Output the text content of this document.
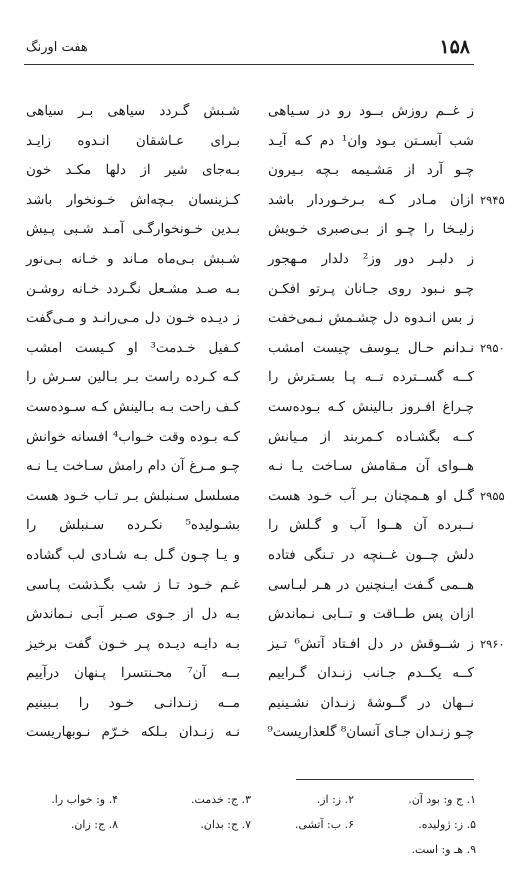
۱۵۸
هفت اورنگ
ز غــم روزش بــود رو در سـیاهی
شـبش گـردد سیاهی بـر سیاهی
شب آبسـتن بـود وان¹ دم کـه آیـد
بـرای عـاشقان انـدوه زایـد
چـو آرد از مَشـیمه بـچه بـیرون
بـه‌جای شیر از دلها مکـد خون
ازان مـادر کـه بـرخـوردار باشد
کـزینسان بـچه‌اش خـونخوار باشد	۲۹۴۵
زلیـخا را چـو از بـی‌صبری خـویش
بـدین خـونخوارگـی آمـد شـبی پـیش
ز دلبـر دور وز² دلدار مـهجور
شـبش بـی‌ماه مـاند و خـانه بـی‌نور
چـو نـبود روی جـانان پـرتو افکـن
بـه صـد مشـعل نگـردد خـانه روشـن
ز بس انـدوه دل چشـمش نـمی‌خفت
ز دیـده خـون دل مـی‌رانـد و مـی‌گفت
نـدانم حـال یـوسف چیست امشب
کـفیل خـدمت³ او کـیست امشب	۲۹۵۰
کــه گســترده تــه پـا بسـترش را
کـه کـرده راست بـر بـالین سـرش را
چـراغ افـروز بـالینش کـه بـوده‌ست
کـف راحت بـه بـالینش کـه سـوده‌ست
کــه بگشـاده کـمربند از مـیانش
کـه بـوده وقت خـواب⁴ افسانه خوانش
هــوای آن مـقامش سـاخت یـا نـه
چـو مـرغ آن دام رامش سـاخت یـا نـه
گـل او هـمچنان بـر آب خـود هست
مسلسل سـنبلش بـر تـاب خـود هست	۲۹۵۵
نــبرده آن هــوا آب و گـلش را
بشـولیده⁵ نکـرده سـنبلش را
دلش چــون غــنچه در تـنگی فتاده
و یـا چـون گـل بـه شـادی لب گشاده
هــمی گـفت ایـنچنین در هـر لبـاسی
غـم خـود تـا ز شب بگـذشت پـاسی
ازان پس طــاقت و تــابی نـماندش
بـه دل از جـوی صـبر آبـی نـماندش
ز شــوقش در دل افـتاد آتش⁶ تـیز
بـه دایـه دیـده پـر خـون گفت برخیز	۲۹۶۰
کــه یکــدم جـانب زنـدان گـراییم
بــه آن⁷ محـنتسرا پـنهان درآییم
نــهان در گــوشهٔ زنـدان نشـینیم
مــه زنـدانـی خـود را بـبینیم
چـو زنـدان جـای آنسان⁸ گلعذاریست⁹
نـه زنـدان بـلکه خـرّم نـوبهاریست
۱. ج و: بود آن.
۲. ز: از.
۳. ج: خدمت.
۴. و: خواب را.
۵. ز: ژولیده.
۶. ب: آتشی.
۷. ج: بدان.
۸. ج: زان.
۹. هـ و: است.
